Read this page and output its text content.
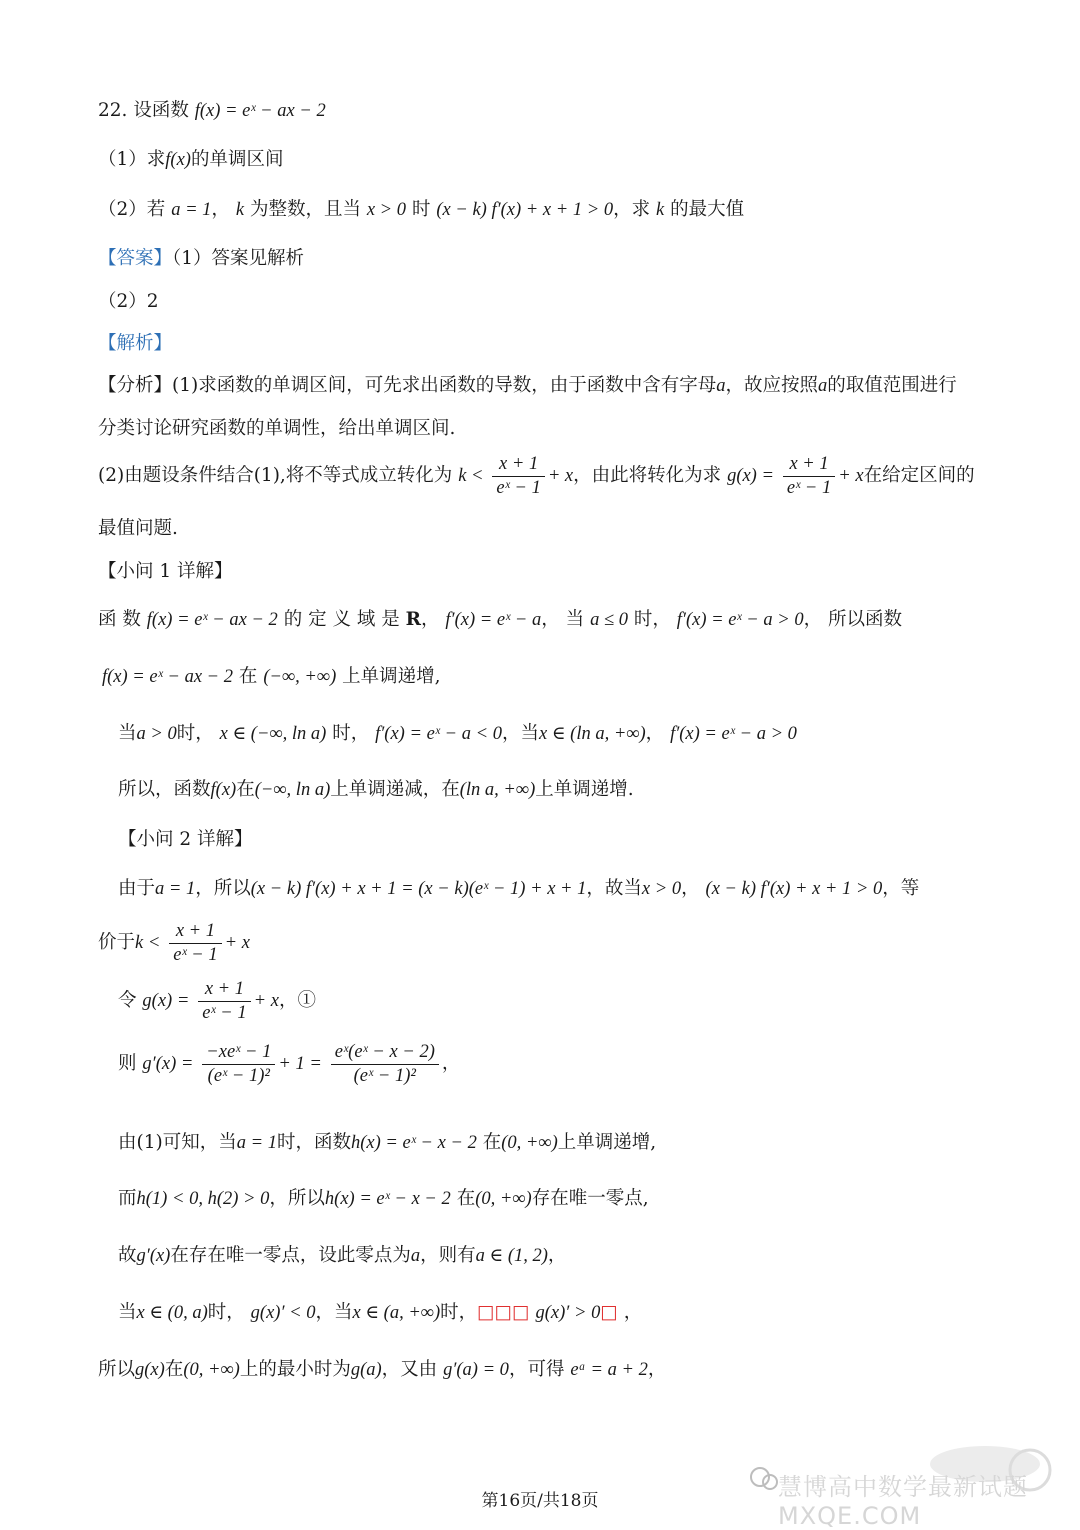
22. 设函数 f(x) = eˣ − ax − 2
（1）求f(x)的单调区间
（2）若 a = 1， k 为整数，且当 x > 0 时 (x − k) f′(x) + x + 1 > 0，求 k 的最大值
【答案】（1）答案见解析
（2）2
【解析】
【分析】(1)求函数的单调区间，可先求出函数的导数，由于函数中含有字母a，故应按照a的取值范围进行
分类讨论研究函数的单调性，给出单调区间.
(2)由题设条件结合(1),将不等式成立转化为 $k < \frac{x + 1}{\text{eˣ − 1}} + x$，由此将转化为求 $g(x) = \frac{x + 1}{\text{eˣ − 1}} + x$在给定区间的
最值问题.
【小问 1 详解】
函 数 f(x) = eˣ − ax − 2 的 定 义 域 是 R， f′(x) = eˣ − a， 当 a ≤ 0 时， f′(x) = eˣ − a > 0， 所以函数
f(x) = eˣ − ax − 2 在 (−∞, +∞) 上单调递增,
当a > 0时， x ∈ (−∞, ln a) 时， f′(x) = eˣ − a < 0，当x ∈ (ln a, +∞)， f′(x) = eˣ − a > 0
所以，函数f(x)在(−∞, ln a)上单调递减，在(ln a, +∞)上单调递增.
【小问 2 详解】
由于a = 1，所以(x − k) f′(x) + x + 1 = (x − k)(eˣ − 1) + x + 1，故当x > 0， (x − k) f′(x) + x + 1 > 0，等
价于$k < \frac{x + 1}{\text{eˣ − 1}} + x$
令 $g(x) = \frac{x + 1}{\text{eˣ − 1}} + x$，①
则 $g'(x) = \frac{\text{−xeˣ − 1}}{\text{(eˣ − 1)²}} + 1 = \frac{\text{eˣ(eˣ − x − 2)}}{\text{(eˣ − 1)²}}$ ，
由(1)可知，当a = 1时，函数h(x) = eˣ − x − 2 在(0, +∞)上单调递增,
而h(1) < 0, h(2) > 0，所以h(x) = eˣ − x − 2 在(0, +∞)存在唯一零点,
故g′(x)在存在唯一零点，设此零点为a，则有a ∈ (1, 2)，
当x ∈ (0, a)时， g(x)′ < 0，当x ∈ (a, +∞)时，□□□ g(x)′ > 0□ ，
所以g(x)在(0, +∞)上的最小时为g(a)，又由 g′(a) = 0，可得 eᵃ = a + 2，
慧博高中数学最新试题 MXQE.COM
第16页/共18页
